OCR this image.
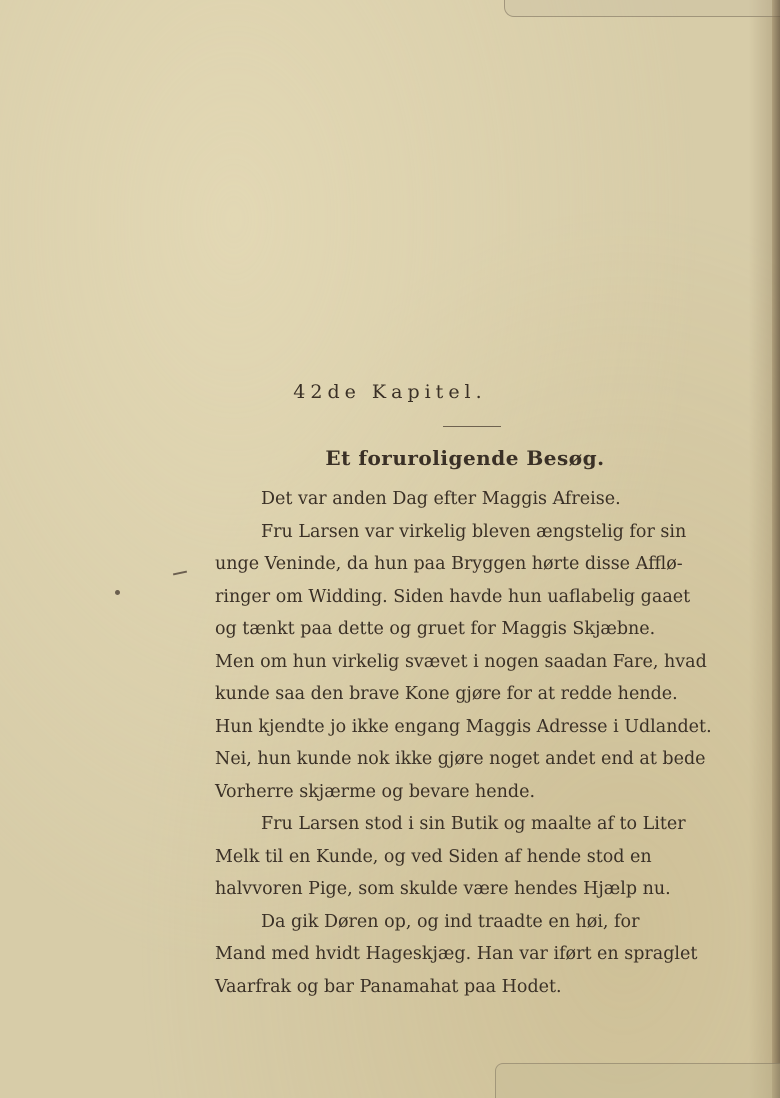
42de Kapitel.
Et foruroligende Besøg.
Det var anden Dag efter Maggis Afreise.
Fru Larsen var virkelig bleven ængstelig for sin
unge Veninde, da hun paa Bryggen hørte disse Afflø-
ringer om Widding. Siden havde hun uaflabelig gaaet
og tænkt paa dette og gruet for Maggis Skjæbne.
Men om hun virkelig svævet i nogen saadan Fare, hvad
kunde saa den brave Kone gjøre for at redde hende.
Hun kjendte jo ikke engang Maggis Adresse i Udlandet.
Nei, hun kunde nok ikke gjøre noget andet end at bede
Vorherre skjærme og bevare hende.
Fru Larsen stod i sin Butik og maalte af to Liter
Melk til en Kunde, og ved Siden af hende stod en
halvvoren Pige, som skulde være hendes Hjælp nu.
Da gik Døren op, og ind traadte en høi, for
Mand med hvidt Hageskjæg. Han var iført en spraglet
Vaarfrak og bar Panamahat paa Hodet.
